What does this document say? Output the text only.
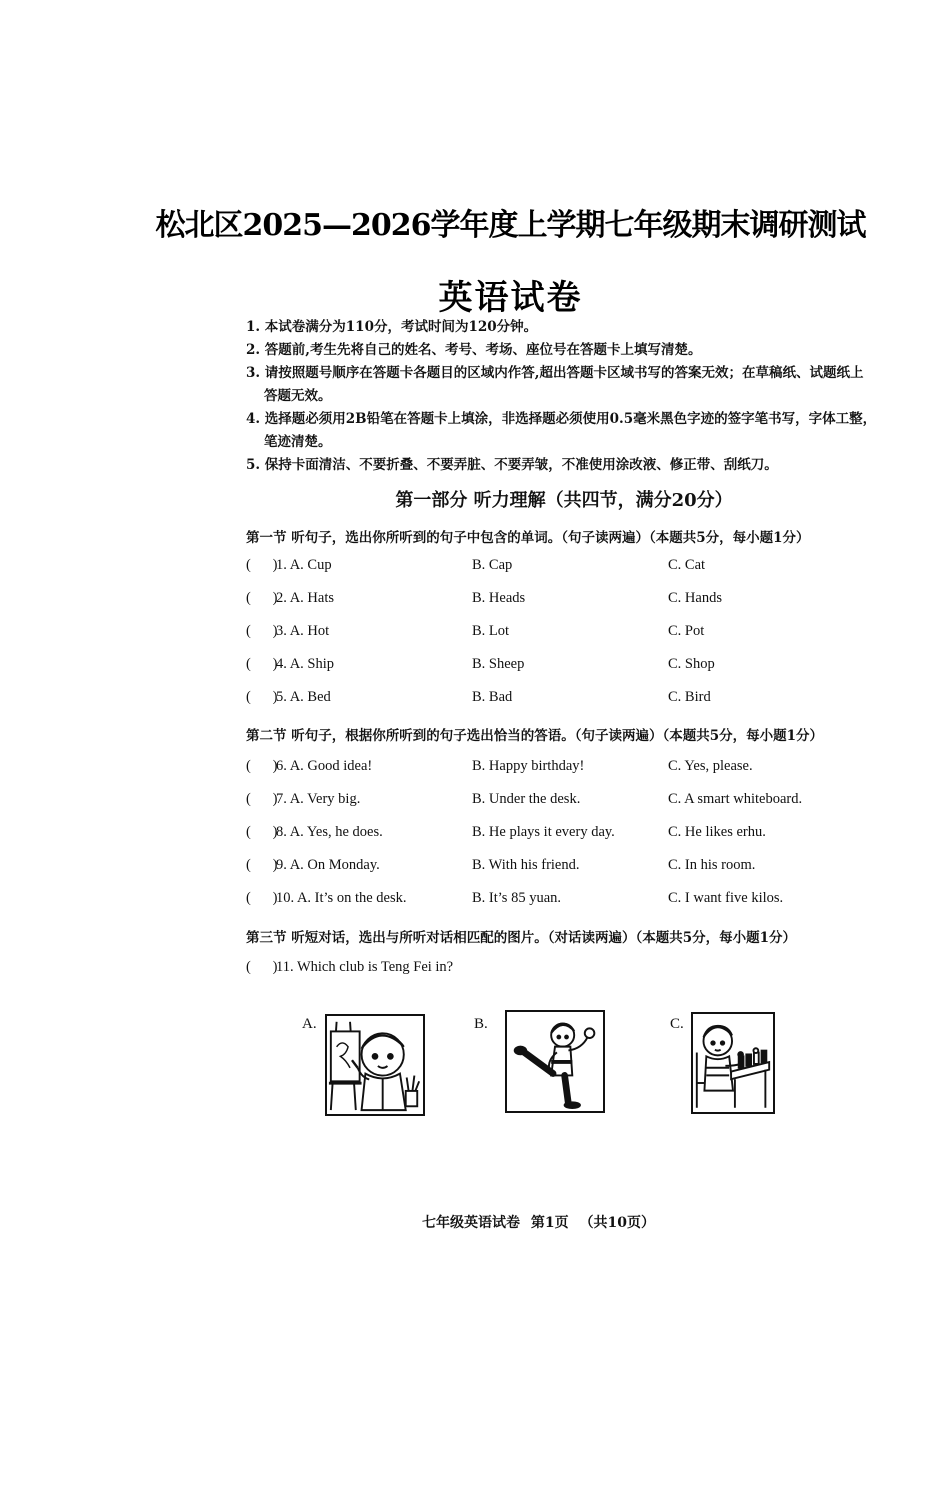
松北区2025—2026学年度上学期七年级期末调研测试
英语试卷

1. 本试卷满分为110分，考试时间为120分钟。

2. 答题前,考生先将自己的姓名、考号、考场、座位号在答题卡上填写清楚。

3. 请按照题号顺序在答题卡各题目的区域内作答,超出答题卡区域书写的答案无效；在草稿纸、试题纸上

答题无效。

4. 选择题必须用2B铅笔在答题卡上填涂，非选择题必须使用0.5毫米黑色字迹的签字笔书写，字体工整，

笔迹清楚。

5. 保持卡面清洁、不要折叠、不要弄脏、不要弄皱，不准使用涂改液、修正带、刮纸刀。

第一部分 听力理解（共四节，满分20分）
第一节 听句子，选出你所听到的句子中包含的单词。（句子读两遍）（本题共5分，每小题1分）
(      )
1. A. Cup	B. Cap	C. Cat
(      )
2. A. Hats	B. Heads	C. Hands
(      )
3. A. Hot	B. Lot	C. Pot
(      )
4. A. Ship	B. Sheep	C. Shop
(      )
5. A. Bed	B. Bad	C. Bird
第二节 听句子，根据你所听到的句子选出恰当的答语。（句子读两遍）（本题共5分，每小题1分）
(      )
6. A. Good idea!	B. Happy birthday!	C. Yes, please.
(      )
7. A. Very big.	B. Under the desk.	C. A smart whiteboard.
(      )
8. A. Yes, he does.	B. He plays it every day.	C. He likes erhu.
(      )
9. A. On Monday.	B. With his friend.	C. In his room.
(      )
10. A. It’s on the desk.	B. It’s 85 yuan.	C. I want five kilos.
第三节 听短对话，选出与所听对话相匹配的图片。（对话读两遍）（本题共5分，每小题1分）
(      )
11. Which club is Teng Fei in?
A.	B.	C.
七年级英语试卷 第1页 （共10页）
